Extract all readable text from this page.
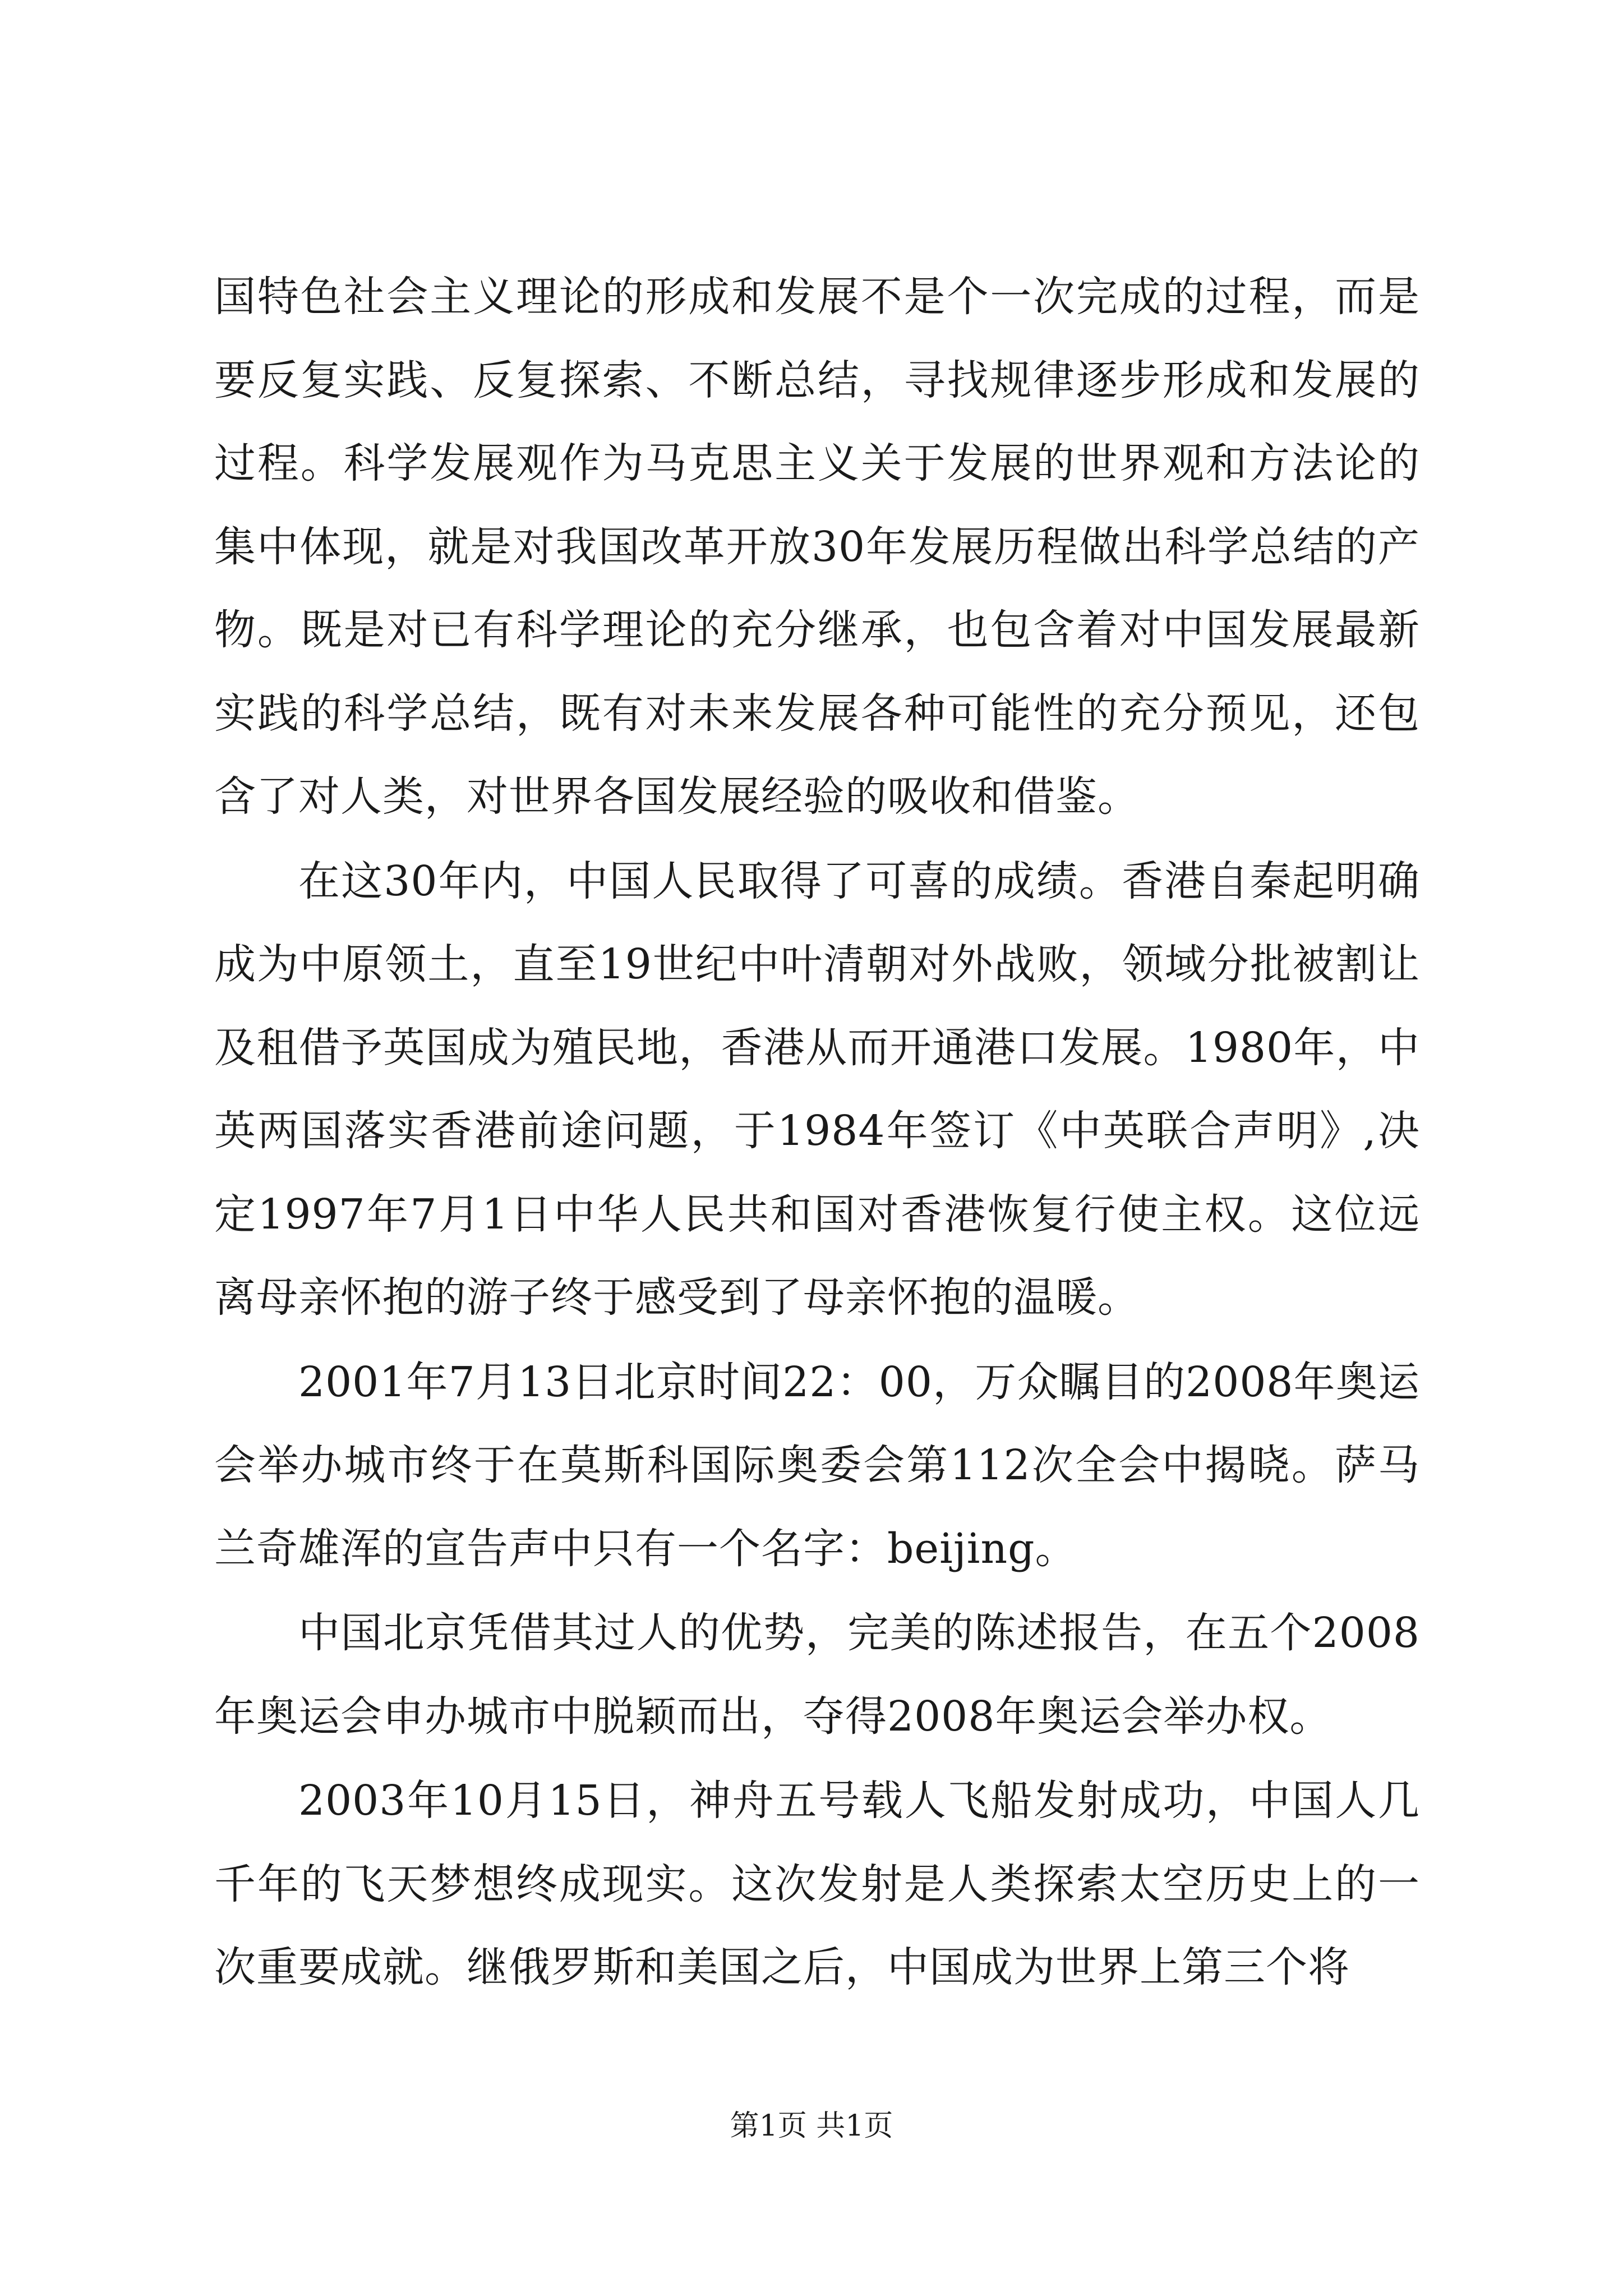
国特色社会主义理论的形成和发展不是个一次完成的过程，而是要反复实践、反复探索、不断总结，寻找规律逐步形成和发展的过程。科学发展观作为马克思主义关于发展的世界观和方法论的集中体现，就是对我国改革开放30年发展历程做出科学总结的产物。既是对已有科学理论的充分继承，也包含着对中国发展最新实践的科学总结，既有对未来发展各种可能性的充分预见，还包含了对人类，对世界各国发展经验的吸收和借鉴。

在这30年内，中国人民取得了可喜的成绩。香港自秦起明确成为中原领土，直至19世纪中叶清朝对外战败，领域分批被割让及租借予英国成为殖民地，香港从而开通港口发展。1980年，中英两国落实香港前途问题，于1984年签订《中英联合声明》,决定1997年7月1日中华人民共和国对香港恢复行使主权。这位远离母亲怀抱的游子终于感受到了母亲怀抱的温暖。

2001年7月13日北京时间22：00，万众瞩目的2008年奥运会举办城市终于在莫斯科国际奥委会第112次全会中揭晓。萨马兰奇雄浑的宣告声中只有一个名字：beijing。

中国北京凭借其过人的优势，完美的陈述报告，在五个2008年奥运会申办城市中脱颖而出，夺得2008年奥运会举办权。

2003年10月15日，神舟五号载人飞船发射成功，中国人几千年的飞天梦想终成现实。这次发射是人类探索太空历史上的一次重要成就。继俄罗斯和美国之后，中国成为世界上第三个将

第1页 共1页
